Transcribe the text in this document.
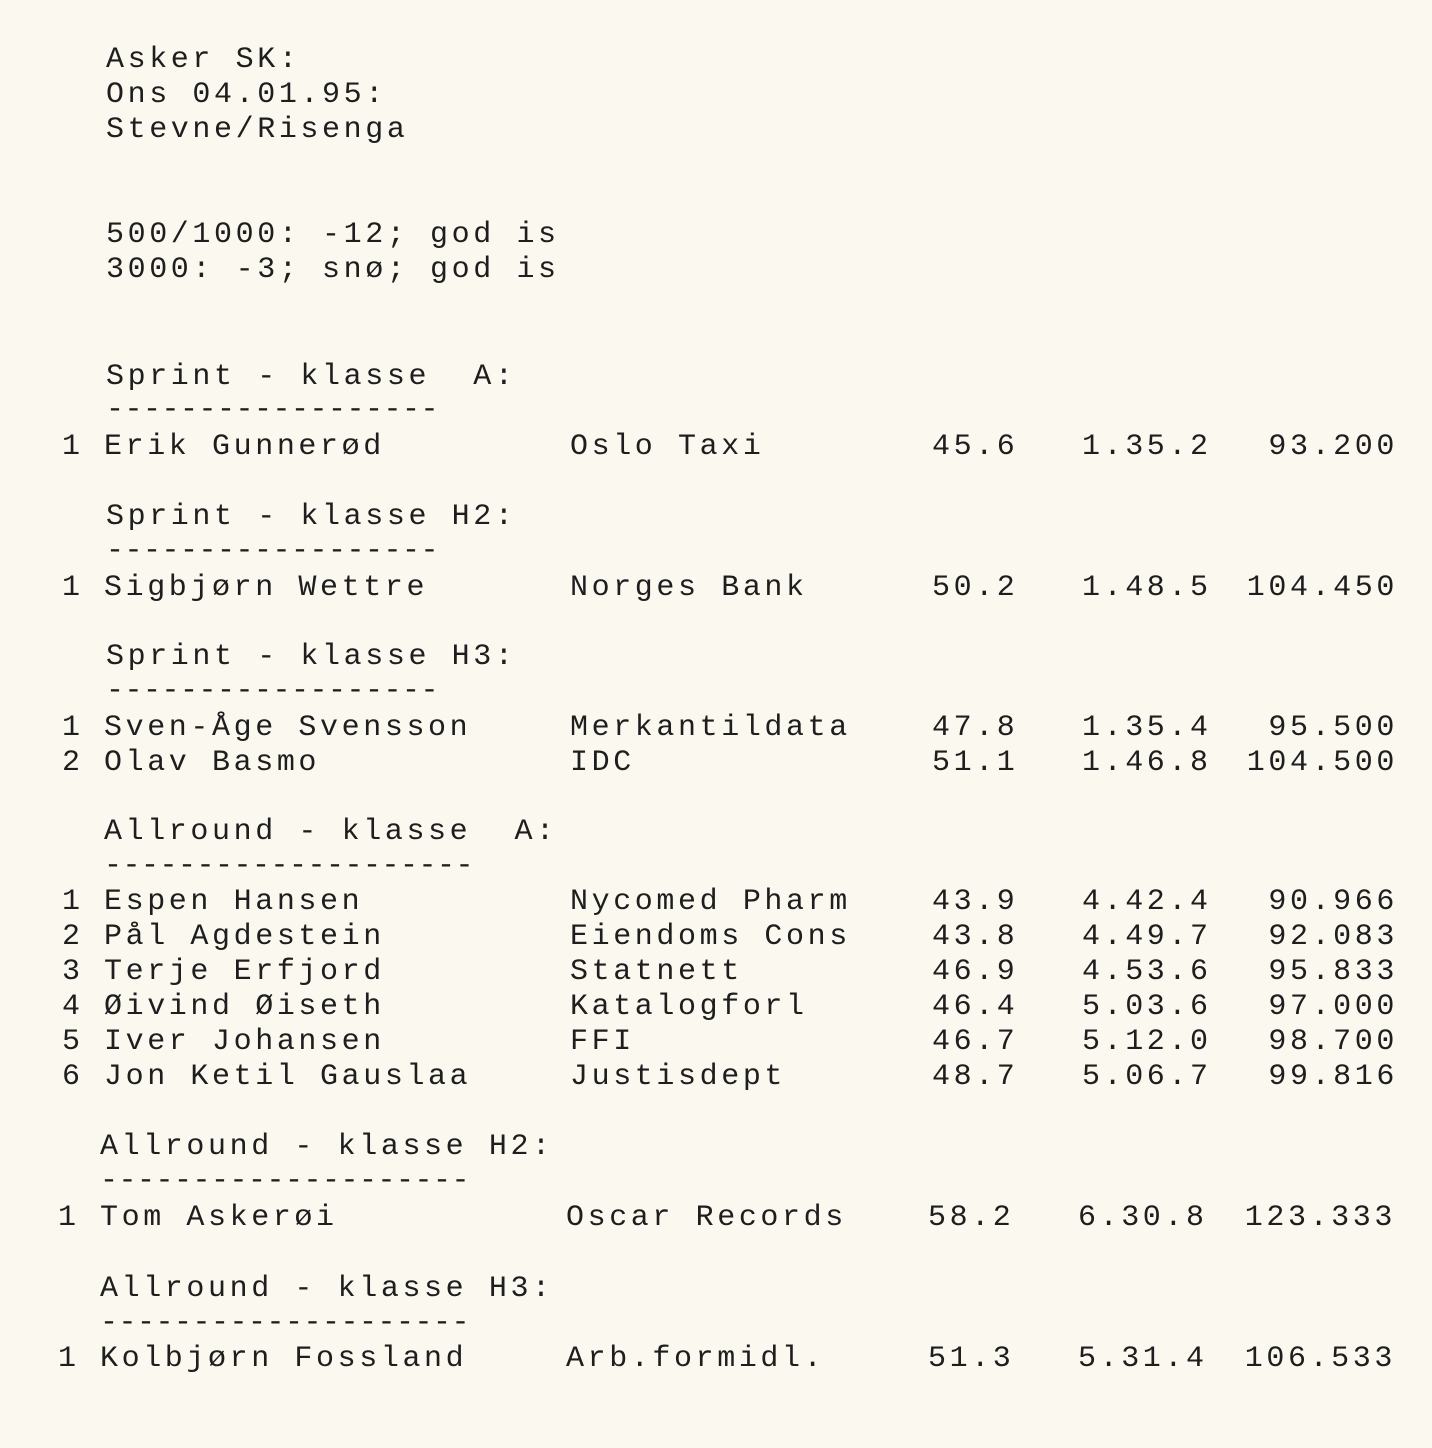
Asker SK:
Ons 04.01.95:
Stevne/Risenga
500/1000: -12; god is
3000: -3; snø; god is
Sprint - klasse  A:
------------------
1 Erik Gunnerød	Oslo Taxi	45.6 1.35.2 93.200
Sprint - klasse H2:
------------------
1 Sigbjørn Wettre	Norges Bank	50.2 1.48.5 104.450
Sprint - klasse H3:
------------------
1 Sven-Åge Svensson	Merkantildata	47.8 1.35.4 95.500
2 Olav Basmo	IDC	51.1 1.46.8 104.500
Allround - klasse  A:
--------------------
1 Espen Hansen	Nycomed Pharm	43.9 4.42.4 90.966
2 Pål Agdestein	Eiendoms Cons	43.8 4.49.7 92.083
3 Terje Erfjord	Statnett	46.9 4.53.6 95.833
4 Øivind Øiseth	Katalogforl	46.4 5.03.6 97.000
5 Iver Johansen	FFI	46.7 5.12.0 98.700
6 Jon Ketil Gauslaa	Justisdept	48.7 5.06.7 99.816
Allround - klasse H2:
--------------------
1 Tom Askerøi	Oscar Records	58.2 6.30.8 123.333
Allround - klasse H3:
--------------------
1 Kolbjørn Fossland	Arb.formidl.	51.3 5.31.4 106.533
